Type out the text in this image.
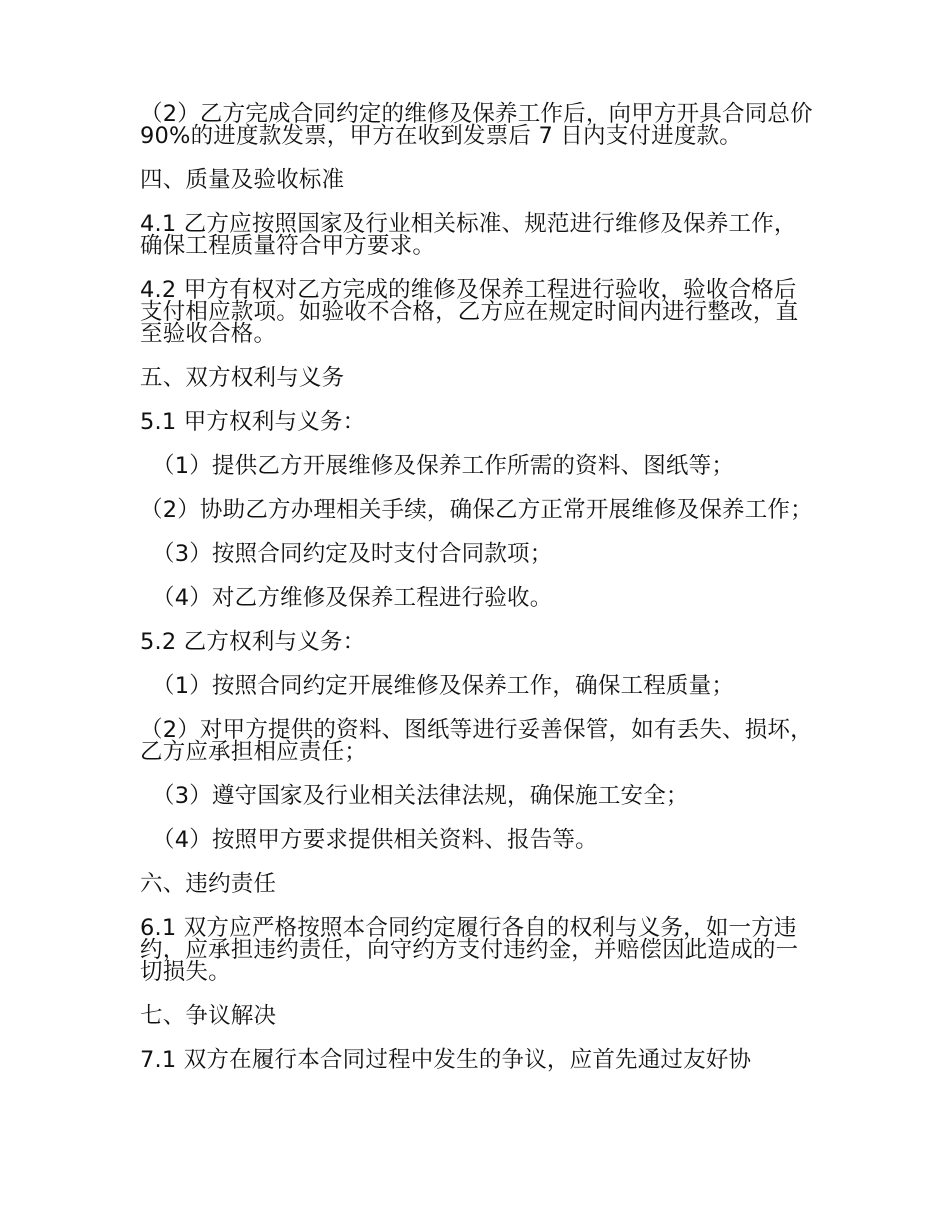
（2）乙方完成合同约定的维修及保养工作后，向甲方开具合同总价 90%的进度款发票，甲方在收到发票后 7 日内支付进度款。

四、质量及验收标准

4.1 乙方应按照国家及行业相关标准、规范进行维修及保养工作，确保工程质量符合甲方要求。

4.2 甲方有权对乙方完成的维修及保养工程进行验收，验收合格后支付相应款项。如验收不合格，乙方应在规定时间内进行整改，直至验收合格。

五、双方权利与义务

5.1 甲方权利与义务：

（1）提供乙方开展维修及保养工作所需的资料、图纸等；

（2）协助乙方办理相关手续，确保乙方正常开展维修及保养工作；

（3）按照合同约定及时支付合同款项；

（4）对乙方维修及保养工程进行验收。

5.2 乙方权利与义务：

（1）按照合同约定开展维修及保养工作，确保工程质量；

（2）对甲方提供的资料、图纸等进行妥善保管，如有丢失、损坏，乙方应承担相应责任；

（3）遵守国家及行业相关法律法规，确保施工安全；

（4）按照甲方要求提供相关资料、报告等。

六、违约责任

6.1 双方应严格按照本合同约定履行各自的权利与义务，如一方违约，应承担违约责任，向守约方支付违约金，并赔偿因此造成的一切损失。

七、争议解决

7.1 双方在履行本合同过程中发生的争议，应首先通过友好协
